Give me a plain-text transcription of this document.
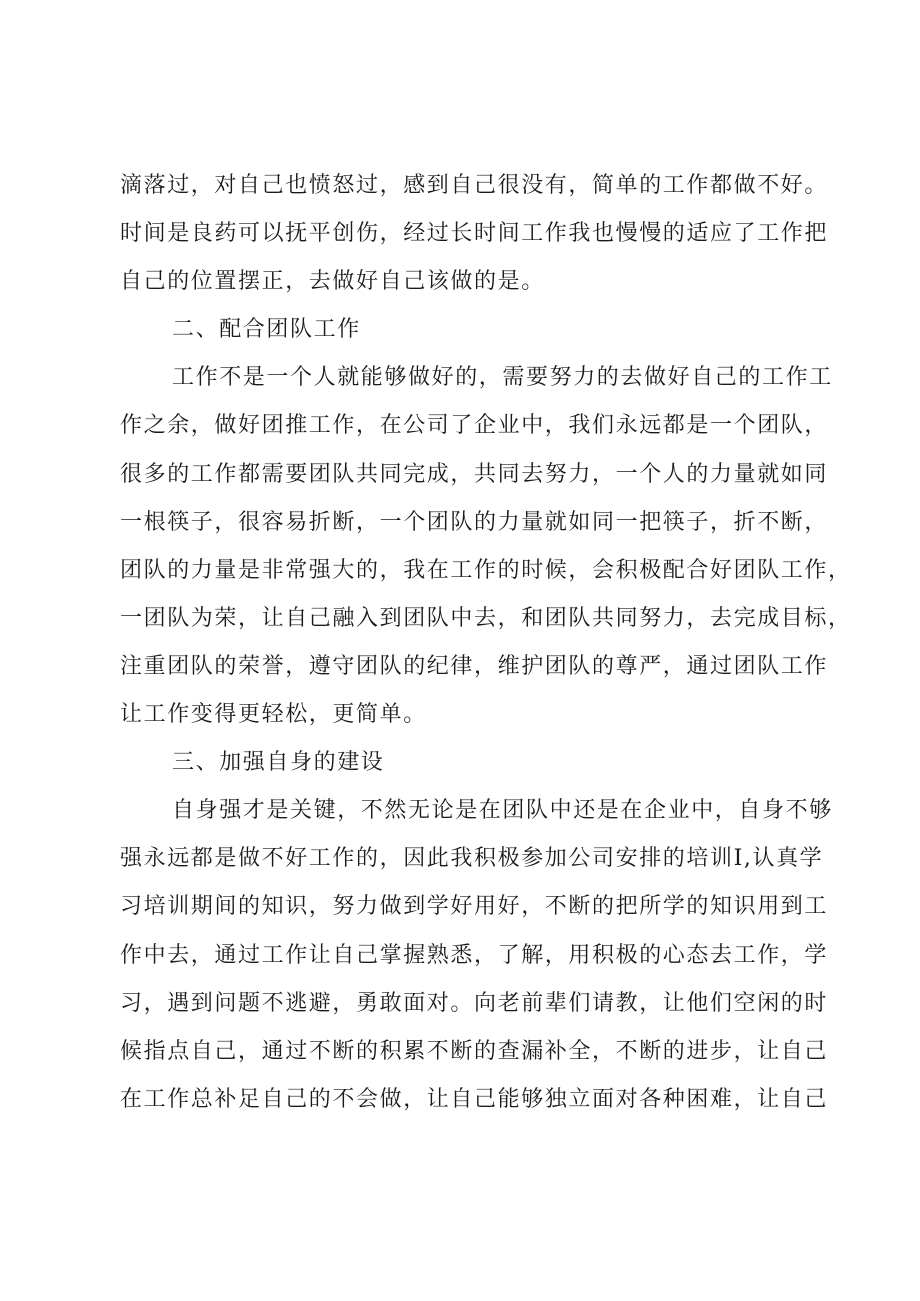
滴落过，对自己也愤怒过，感到自己很没有，简单的工作都做不好。
时间是良药可以抚平创伤，经过长时间工作我也慢慢的适应了工作把
自己的位置摆正，去做好自己该做的是。
二、配合团队工作
工作不是一个人就能够做好的，需要努力的去做好自己的工作工
作之余，做好团推工作，在公司了企业中，我们永远都是一个团队，
很多的工作都需要团队共同完成，共同去努力，一个人的力量就如同
一根筷子，很容易折断，一个团队的力量就如同一把筷子，折不断，
团队的力量是非常强大的，我在工作的时候，会积极配合好团队工作，
一团队为荣，让自己融入到团队中去，和团队共同努力，去完成目标，
注重团队的荣誉，遵守团队的纪律，维护团队的尊严，通过团队工作
让工作变得更轻松，更简单。
三、加强自身的建设
自身强才是关键，不然无论是在团队中还是在企业中，自身不够
强永远都是做不好工作的，因此我积极参加公司安排的培训I,认真学
习培训期间的知识，努力做到学好用好，不断的把所学的知识用到工
作中去，通过工作让自己掌握熟悉，了解，用积极的心态去工作，学
习，遇到问题不逃避，勇敢面对。向老前辈们请教，让他们空闲的时
候指点自己，通过不断的积累不断的查漏补全，不断的进步，让自己
在工作总补足自己的不会做，让自己能够独立面对各种困难，让自己
